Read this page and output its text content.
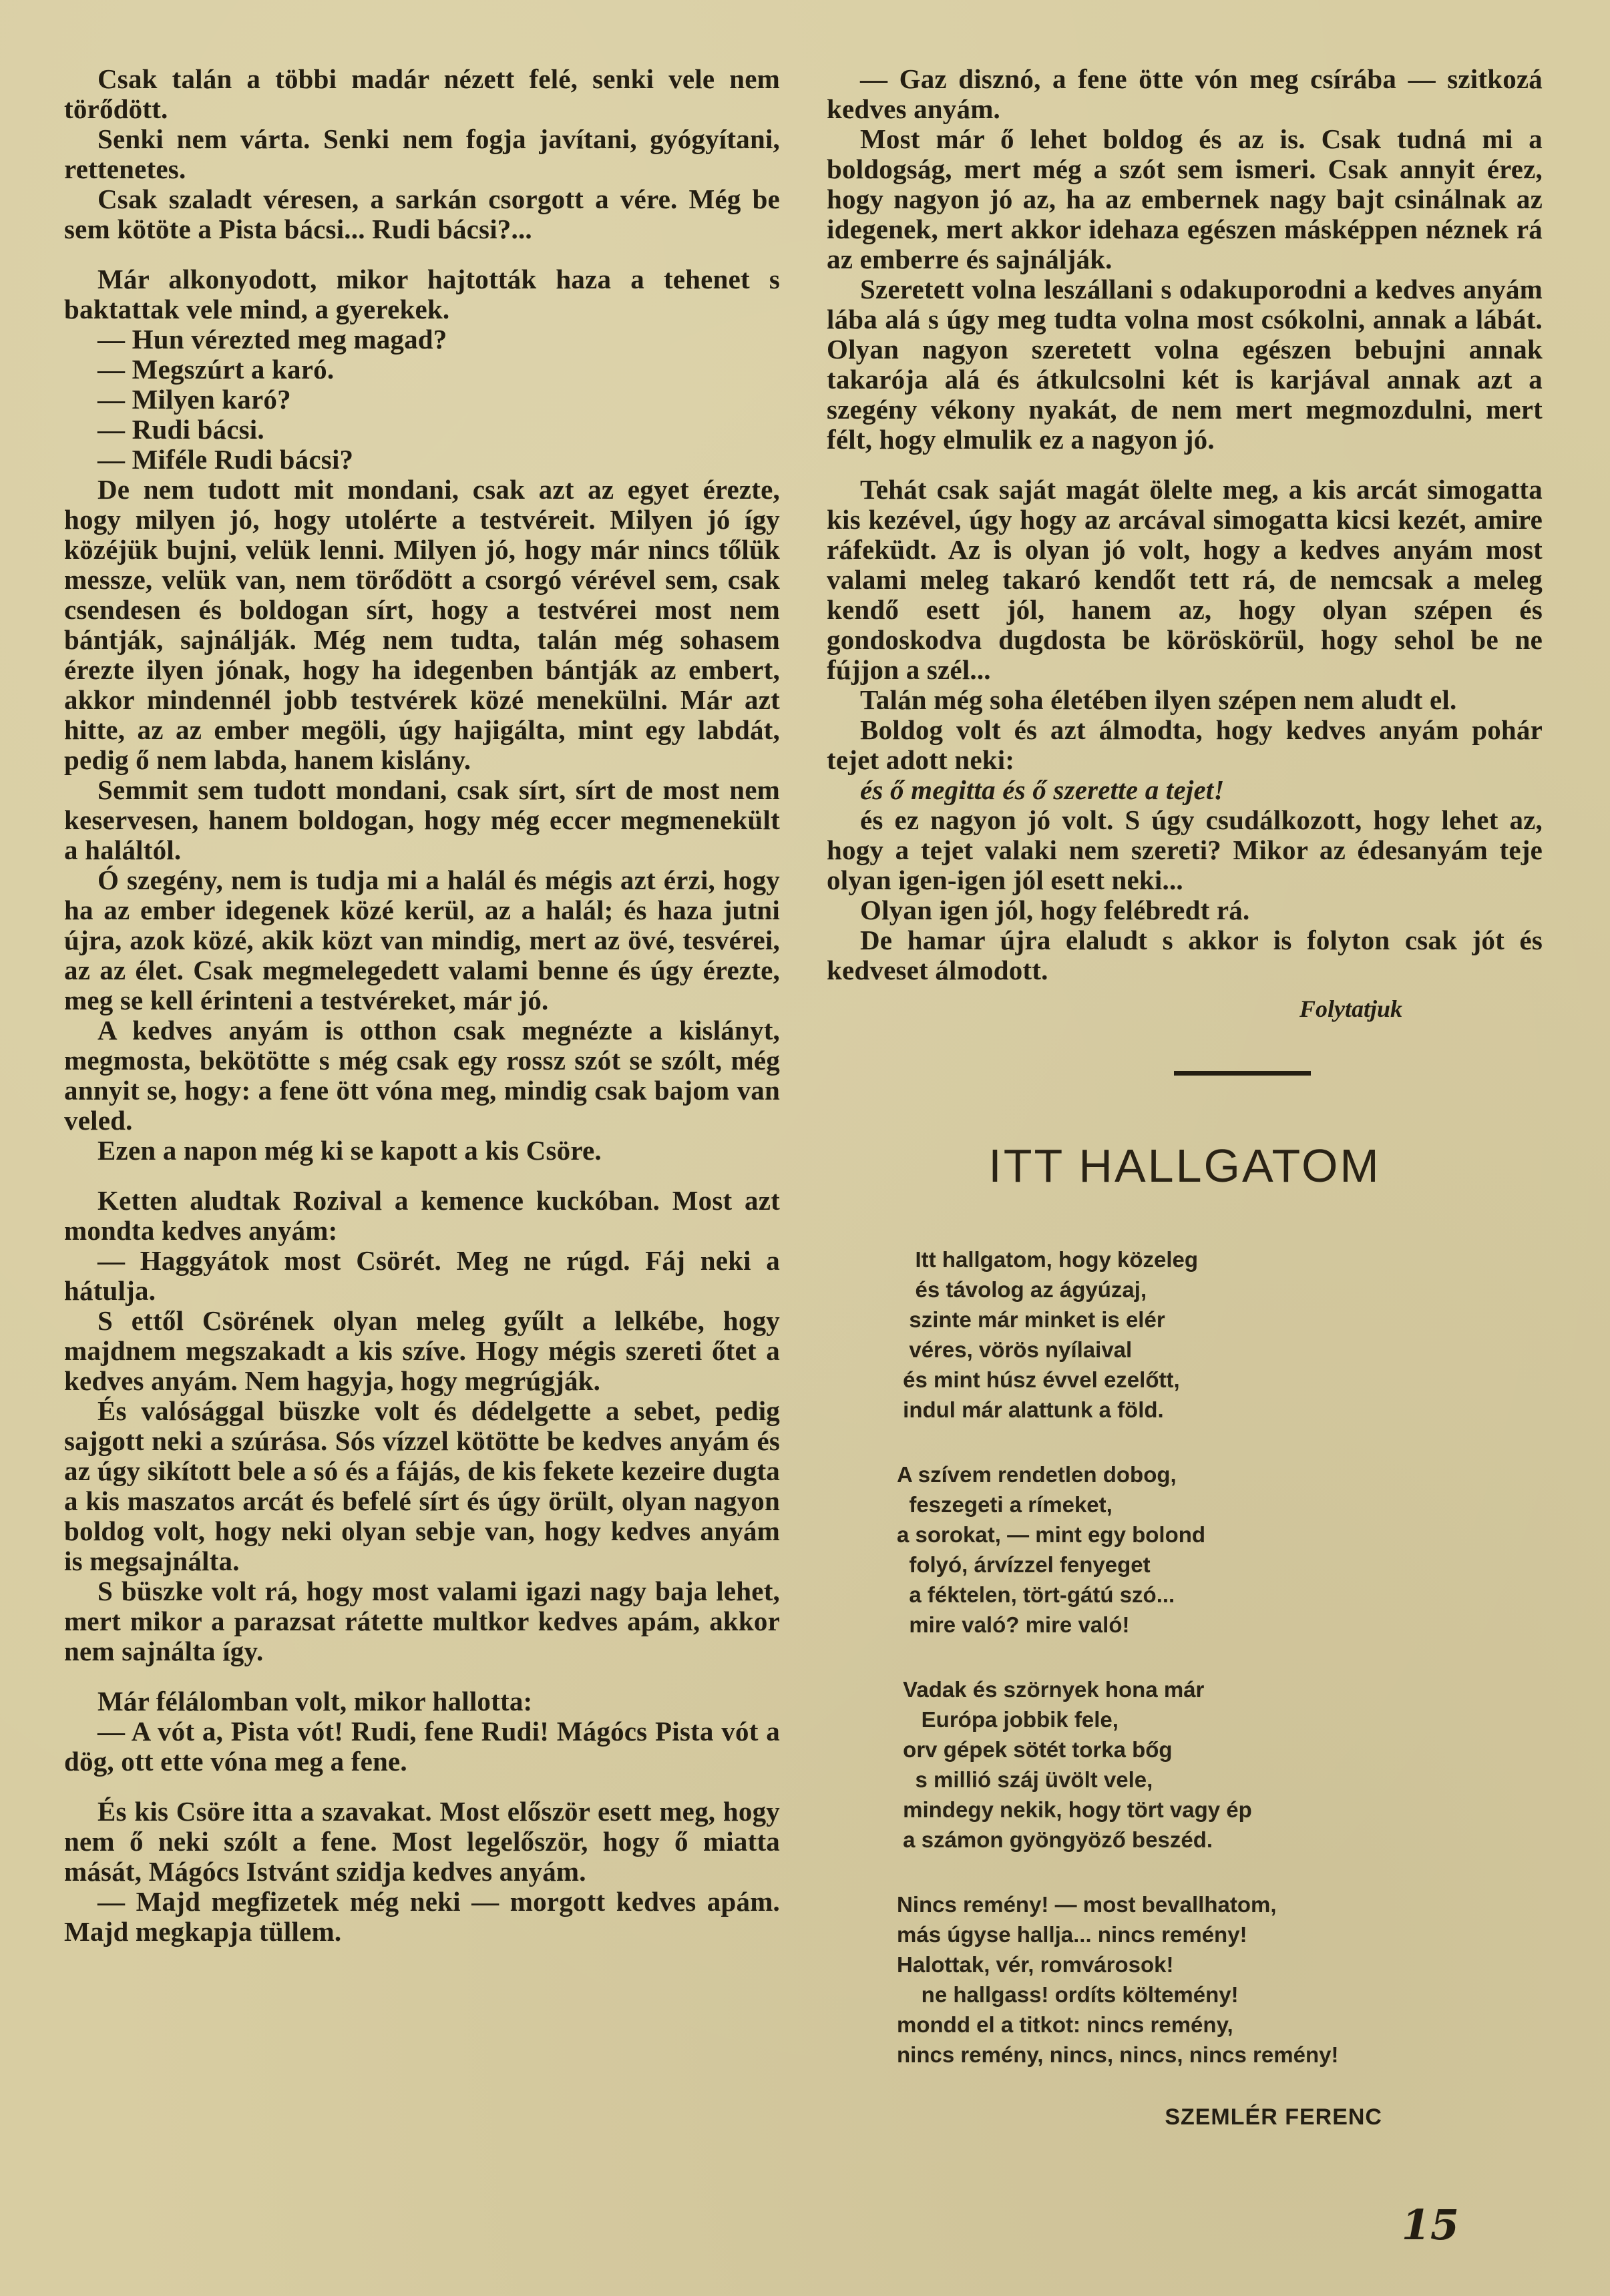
Csak talán a többi madár nézett felé, senki vele nem törődött.

Senki nem várta. Senki nem fogja javítani, gyógyítani, rettenetes.

Csak szaladt véresen, a sarkán csorgott a vére. Még be sem kötöte a Pista bácsi... Rudi bácsi?...

Már alkonyodott, mikor hajtották haza a tehenet s baktattak vele mind, a gyerekek.

— Hun vérezted meg magad?

— Megszúrt a karó.

— Milyen karó?

— Rudi bácsi.

— Miféle Rudi bácsi?

De nem tudott mit mondani, csak azt az egyet érezte, hogy milyen jó, hogy utolérte a testvéreit. Milyen jó így közéjük bujni, velük lenni. Milyen jó, hogy már nincs tőlük messze, velük van, nem törődött a csorgó vérével sem, csak csendesen és boldogan sírt, hogy a testvérei most nem bántják, sajnálják. Még nem tudta, talán még sohasem érezte ilyen jónak, hogy ha idegenben bántják az embert, akkor mindennél jobb testvérek közé menekülni. Már azt hitte, az az ember megöli, úgy hajigálta, mint egy labdát, pedig ő nem labda, hanem kislány.

Semmit sem tudott mondani, csak sírt, sírt de most nem keservesen, hanem boldogan, hogy még eccer megmenekült a haláltól.

Ó szegény, nem is tudja mi a halál és mégis azt érzi, hogy ha az ember idegenek közé kerül, az a halál; és haza jutni újra, azok közé, akik közt van mindig, mert az övé, tesvérei, az az élet. Csak megmelegedett valami benne és úgy érezte, meg se kell érinteni a testvéreket, már jó.

A kedves anyám is otthon csak megnézte a kislányt, megmosta, bekötötte s még csak egy rossz szót se szólt, még annyit se, hogy: a fene ött vóna meg, mindig csak bajom van veled.

Ezen a napon még ki se kapott a kis Csöre.

Ketten aludtak Rozival a kemence kuckóban. Most azt mondta kedves anyám:

— Haggyátok most Csörét. Meg ne rúgd. Fáj neki a hátulja.

S ettől Csörének olyan meleg gyűlt a lelkébe, hogy majdnem megszakadt a kis szíve. Hogy mégis szereti őtet a kedves anyám. Nem hagyja, hogy megrúgják.

És valósággal büszke volt és dédelgette a sebet, pedig sajgott neki a szúrása. Sós vízzel kötötte be kedves anyám és az úgy sikított bele a só és a fájás, de kis fekete kezeire dugta a kis maszatos arcát és befelé sírt és úgy örült, olyan nagyon boldog volt, hogy neki olyan sebje van, hogy kedves anyám is megsajnálta.

S büszke volt rá, hogy most valami igazi nagy baja lehet, mert mikor a parazsat rátette multkor kedves apám, akkor nem sajnálta így.

Már félálomban volt, mikor hallotta:

— A vót a, Pista vót! Rudi, fene Rudi! Mágócs Pista vót a dög, ott ette vóna meg a fene.

És kis Csöre itta a szavakat. Most először esett meg, hogy nem ő neki szólt a fene. Most legelőször, hogy ő miatta mását, Mágócs Istvánt szidja kedves anyám.

— Majd megfizetek még neki — morgott kedves apám. Majd megkapja tüllem.

— Gaz disznó, a fene ötte vón meg csírába — szitkozá kedves anyám.

Most már ő lehet boldog és az is. Csak tudná mi a boldogság, mert még a szót sem ismeri. Csak annyit érez, hogy nagyon jó az, ha az embernek nagy bajt csinálnak az idegenek, mert akkor idehaza egészen másképpen néznek rá az emberre és sajnálják.

Szeretett volna leszállani s odakuporodni a kedves anyám lába alá s úgy meg tudta volna most csókolni, annak a lábát. Olyan nagyon szeretett volna egészen bebujni annak takarója alá és átkulcsolni két is karjával annak azt a szegény vékony nyakát, de nem mert megmozdulni, mert félt, hogy elmulik ez a nagyon jó.

Tehát csak saját magát ölelte meg, a kis arcát simogatta kis kezével, úgy hogy az arcával simogatta kicsi kezét, amire ráfeküdt. Az is olyan jó volt, hogy a kedves anyám most valami meleg takaró kendőt tett rá, de nemcsak a meleg kendő esett jól, hanem az, hogy olyan szépen és gondoskodva dugdosta be köröskörül, hogy sehol be ne fújjon a szél...

Talán még soha életében ilyen szépen nem aludt el.

Boldog volt és azt álmodta, hogy kedves anyám pohár tejet adott neki:

és ő megitta és ő szerette a tejet!

és ez nagyon jó volt. S úgy csudálkozott, hogy lehet az, hogy a tejet valaki nem szereti? Mikor az édesanyám teje olyan igen-igen jól esett neki...

Olyan igen jól, hogy felébredt rá.

De hamar újra elaludt s akkor is folyton csak jót és kedveset álmodott.

Folytatjuk
ITT HALLGATOM
Itt hallgatom, hogy közeleg
és távolog az ágyúzaj,
szinte már minket is elér
véres, vörös nyílaival
és mint húsz évvel ezelőtt,
indul már alattunk a föld.
A szívem rendetlen dobog,
feszegeti a rímeket,
a sorokat, — mint egy bolond
folyó, árvízzel fenyeget
a féktelen, tört-gátú szó...
mire való? mire való!
Vadak és szörnyek hona már
Európa jobbik fele,
orv gépek sötét torka bőg
s millió száj üvölt vele,
mindegy nekik, hogy tört vagy ép
a számon gyöngyöző beszéd.
Nincs remény! — most bevallhatom,
más úgyse hallja... nincs remény!
Halottak, vér, romvárosok!
ne hallgass! ordíts költemény!
mondd el a titkot: nincs remény,
nincs remény, nincs, nincs, nincs remény!
SZEMLÉR FERENC
15
